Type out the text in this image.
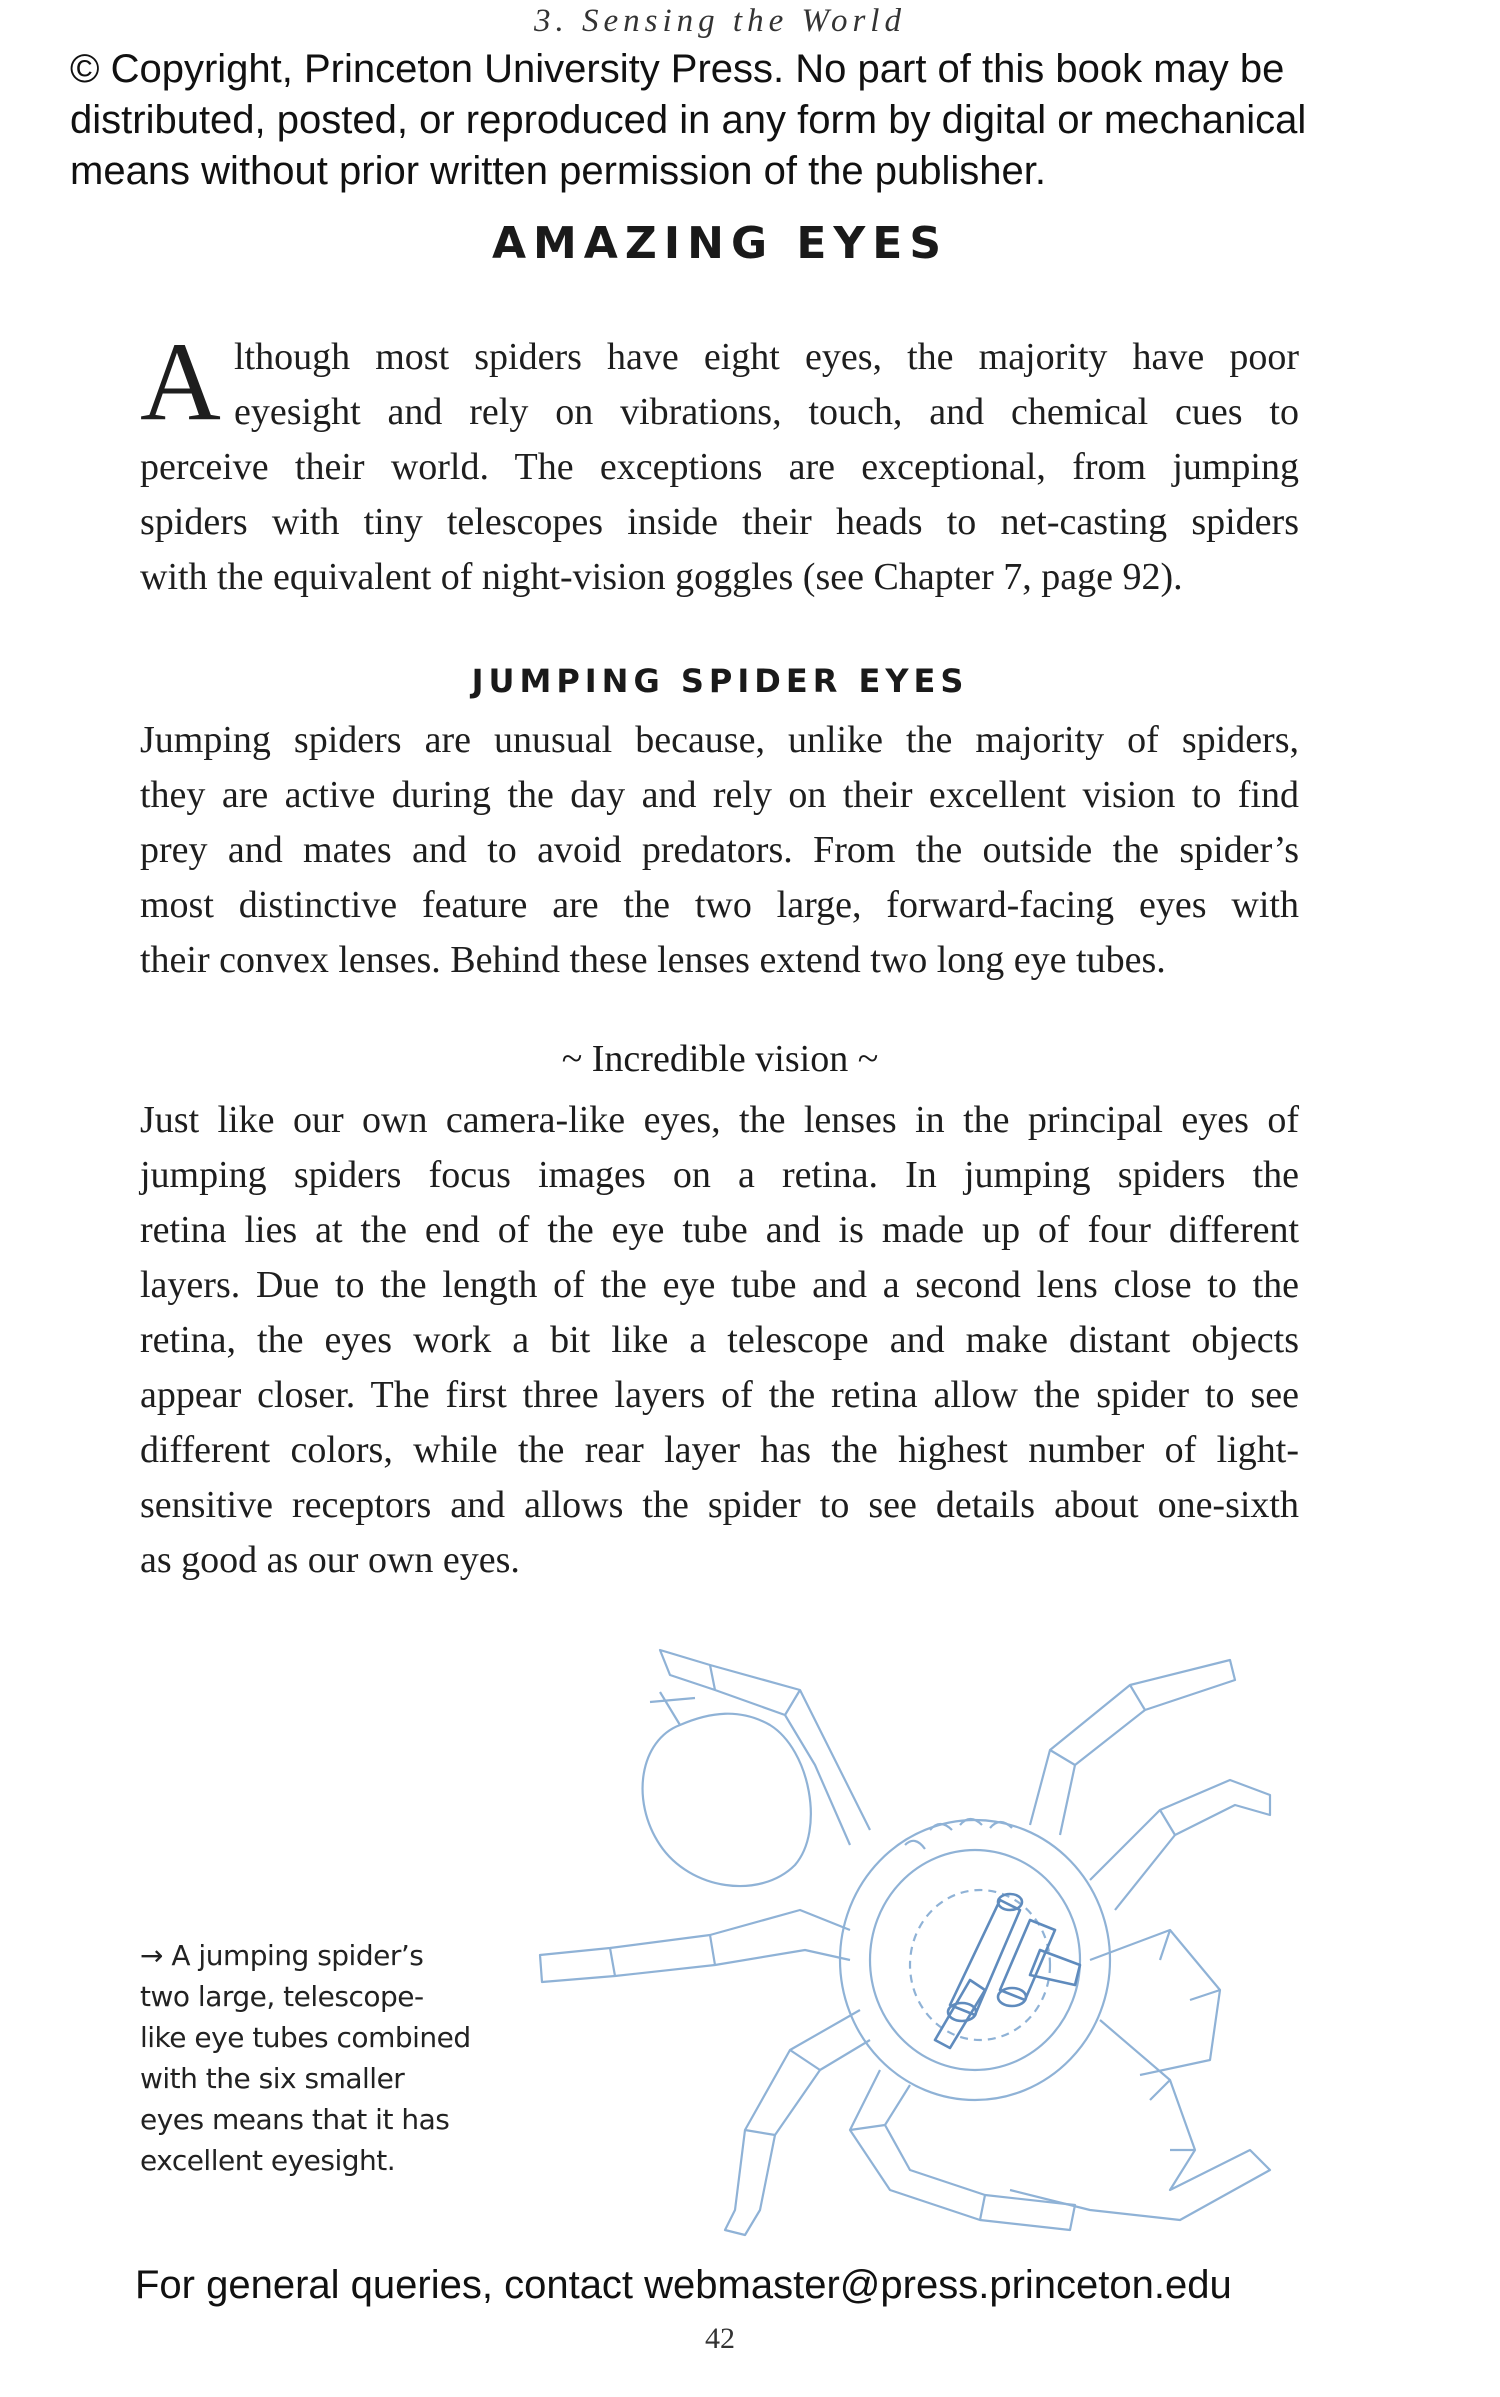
3. Sensing the World
© Copyright, Princeton University Press. No part of this book may be
distributed, posted, or reproduced in any form by digital or mechanical
means without prior written permission of the publisher.
AMAZING EYES
A lthough most spiders have eight eyes, the majority have poor
eyesight and rely on vibrations, touch, and chemical cues to
perceive their world. The exceptions are exceptional, from jumping
spiders with tiny telescopes inside their heads to net-casting spiders
with the equivalent of night-vision goggles (see Chapter 7, page 92).
JUMPING SPIDER EYES
Jumping spiders are unusual because, unlike the majority of spiders,
they are active during the day and rely on their excellent vision to find
prey and mates and to avoid predators. From the outside the spider’s
most distinctive feature are the two large, forward-facing eyes with
their convex lenses. Behind these lenses extend two long eye tubes.
~ Incredible vision ~
Just like our own camera-like eyes, the lenses in the principal eyes of
jumping spiders focus images on a retina. In jumping spiders the
retina lies at the end of the eye tube and is made up of four different
layers. Due to the length of the eye tube and a second lens close to the
retina, the eyes work a bit like a telescope and make distant objects
appear closer. The first three layers of the retina allow the spider to see
different colors, while the rear layer has the highest number of light-
sensitive receptors and allows the spider to see details about one-sixth
as good as our own eyes.
→ A jumping spider’s
two large, telescope-
like eye tubes combined
with the six smaller
eyes means that it has
excellent eyesight.
For general queries, contact webmaster@press.princeton.edu
42
